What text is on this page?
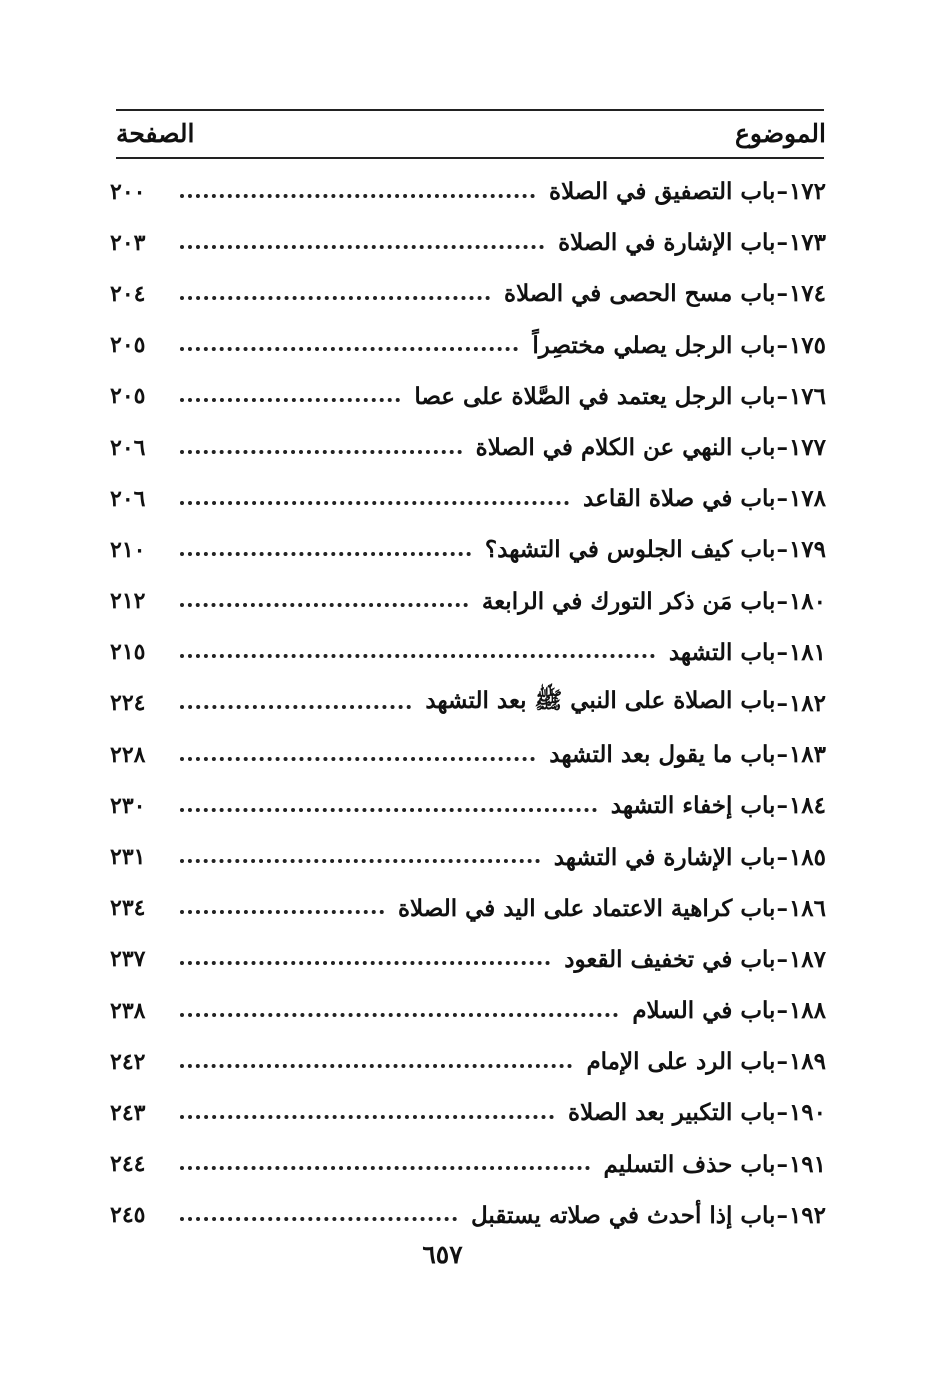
الموضوع
الصفحة
١٧٢
–
باب التصفيق في الصلاة
٢٠٠
١٧٣
–
باب الإشارة في الصلاة
٢٠٣
١٧٤
–
باب مسح الحصى في الصلاة
٢٠٤
١٧٥
–
باب الرجل يصلي مختصِراً
٢٠٥
١٧٦
–
باب الرجل يعتمد في الصَّلاة على عصا
٢٠٥
١٧٧
–
باب النهي عن الكلام في الصلاة
٢٠٦
١٧٨
–
باب في صلاة القاعد
٢٠٦
١٧٩
–
باب كيف الجلوس في التشهد؟
٢١٠
١٨٠
–
باب مَن ذكر التورك في الرابعة
٢١٢
١٨١
–
باب التشهد
٢١٥
١٨٢
–
باب الصلاة على النبي ﷺ بعد التشهد
٢٢٤
١٨٣
–
باب ما يقول بعد التشهد
٢٢٨
١٨٤
–
باب إخفاء التشهد
٢٣٠
١٨٥
–
باب الإشارة في التشهد
٢٣١
١٨٦
–
باب كراهية الاعتماد على اليد في الصلاة
٢٣٤
١٨٧
–
باب في تخفيف القعود
٢٣٧
١٨٨
–
باب في السلام
٢٣٨
١٨٩
–
باب الرد على الإمام
٢٤٢
١٩٠
–
باب التكبير بعد الصلاة
٢٤٣
١٩١
–
باب حذف التسليم
٢٤٤
١٩٢
–
باب إذا أحدث في صلاته يستقبل
٢٤٥
٦٥٧
